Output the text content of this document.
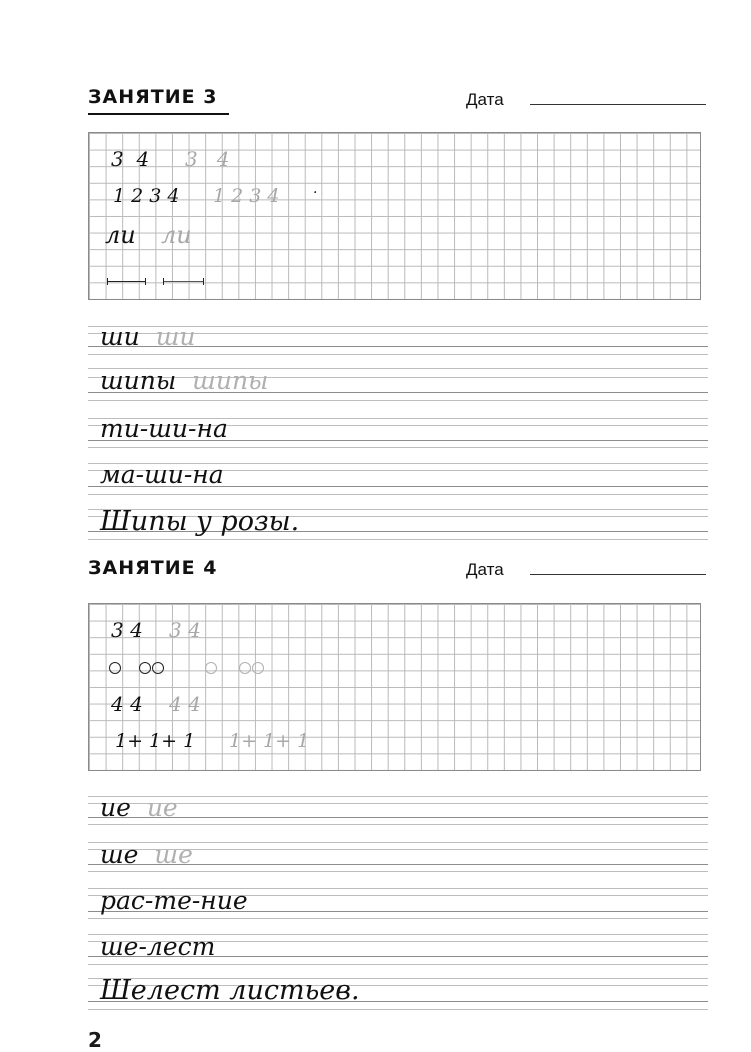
ЗАНЯТИЕ 3	Дата
3  4 3   4
1 2 3 4 1 2 3 4 ·
ли ли
ши ши
шипы шипы
ти-ши-на
ма-ши-на
Шипы у розы.
ЗАНЯТИЕ 4	Дата
3 4 3 4
4 4 4 4
1+ 1+ 1 1+ 1+ 1
ие ие
ше ше
рас-те-ние
ше-лест
Шелест листьев.
2
